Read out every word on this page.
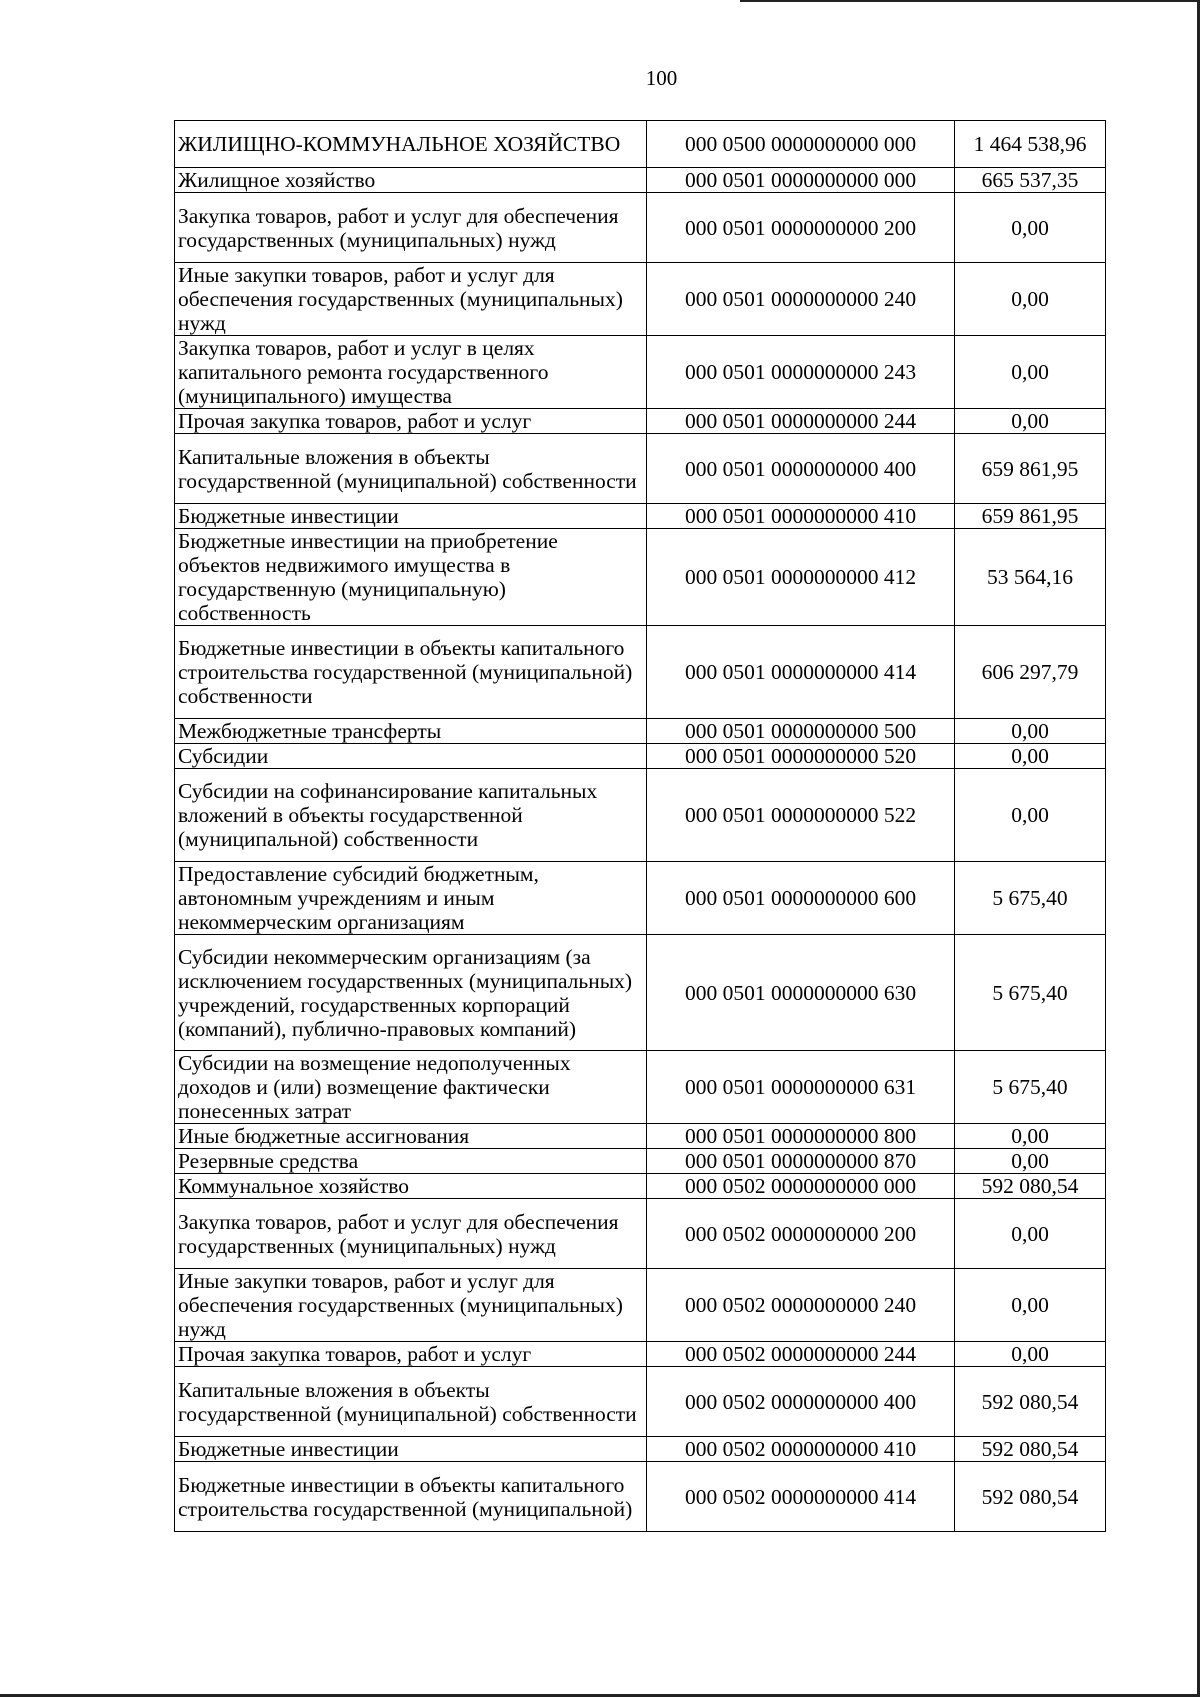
100
ЖИЛИЩНО-КОММУНАЛЬНОЕ ХОЗЯЙСТВО	000 0500 0000000000 000	1 464 538,96
Жилищное хозяйство	000 0501 0000000000 000	665 537,35
Закупка товаров, работ и услуг для обеспечения государственных (муниципальных) нужд	000 0501 0000000000 200	0,00
Иные закупки товаров, работ и услуг для обеспечения государственных (муниципальных) нужд	000 0501 0000000000 240	0,00
Закупка товаров, работ и услуг в целях капитального ремонта государственного (муниципального) имущества	000 0501 0000000000 243	0,00
Прочая закупка товаров, работ и услуг	000 0501 0000000000 244	0,00
Капитальные вложения в объекты государственной (муниципальной) собственности	000 0501 0000000000 400	659 861,95
Бюджетные инвестиции	000 0501 0000000000 410	659 861,95
Бюджетные инвестиции на приобретение объектов недвижимого имущества в государственную (муниципальную) собственность	000 0501 0000000000 412	53 564,16
Бюджетные инвестиции в объекты капитального строительства государственной (муниципальной) собственности	000 0501 0000000000 414	606 297,79
Межбюджетные трансферты	000 0501 0000000000 500	0,00
Субсидии	000 0501 0000000000 520	0,00
Субсидии на софинансирование капитальных вложений в объекты государственной (муниципальной) собственности	000 0501 0000000000 522	0,00
Предоставление субсидий бюджетным, автономным учреждениям и иным некоммерческим организациям	000 0501 0000000000 600	5 675,40
Субсидии некоммерческим организациям (за исключением государственных (муниципальных) учреждений, государственных корпораций (компаний), публично-правовых компаний)	000 0501 0000000000 630	5 675,40
Субсидии на возмещение недополученных доходов и (или) возмещение фактически понесенных затрат	000 0501 0000000000 631	5 675,40
Иные бюджетные ассигнования	000 0501 0000000000 800	0,00
Резервные средства	000 0501 0000000000 870	0,00
Коммунальное хозяйство	000 0502 0000000000 000	592 080,54
Закупка товаров, работ и услуг для обеспечения государственных (муниципальных) нужд	000 0502 0000000000 200	0,00
Иные закупки товаров, работ и услуг для обеспечения государственных (муниципальных) нужд	000 0502 0000000000 240	0,00
Прочая закупка товаров, работ и услуг	000 0502 0000000000 244	0,00
Капитальные вложения в объекты государственной (муниципальной) собственности	000 0502 0000000000 400	592 080,54
Бюджетные инвестиции	000 0502 0000000000 410	592 080,54
Бюджетные инвестиции в объекты капитального строительства государственной (муниципальной)	000 0502 0000000000 414	592 080,54
